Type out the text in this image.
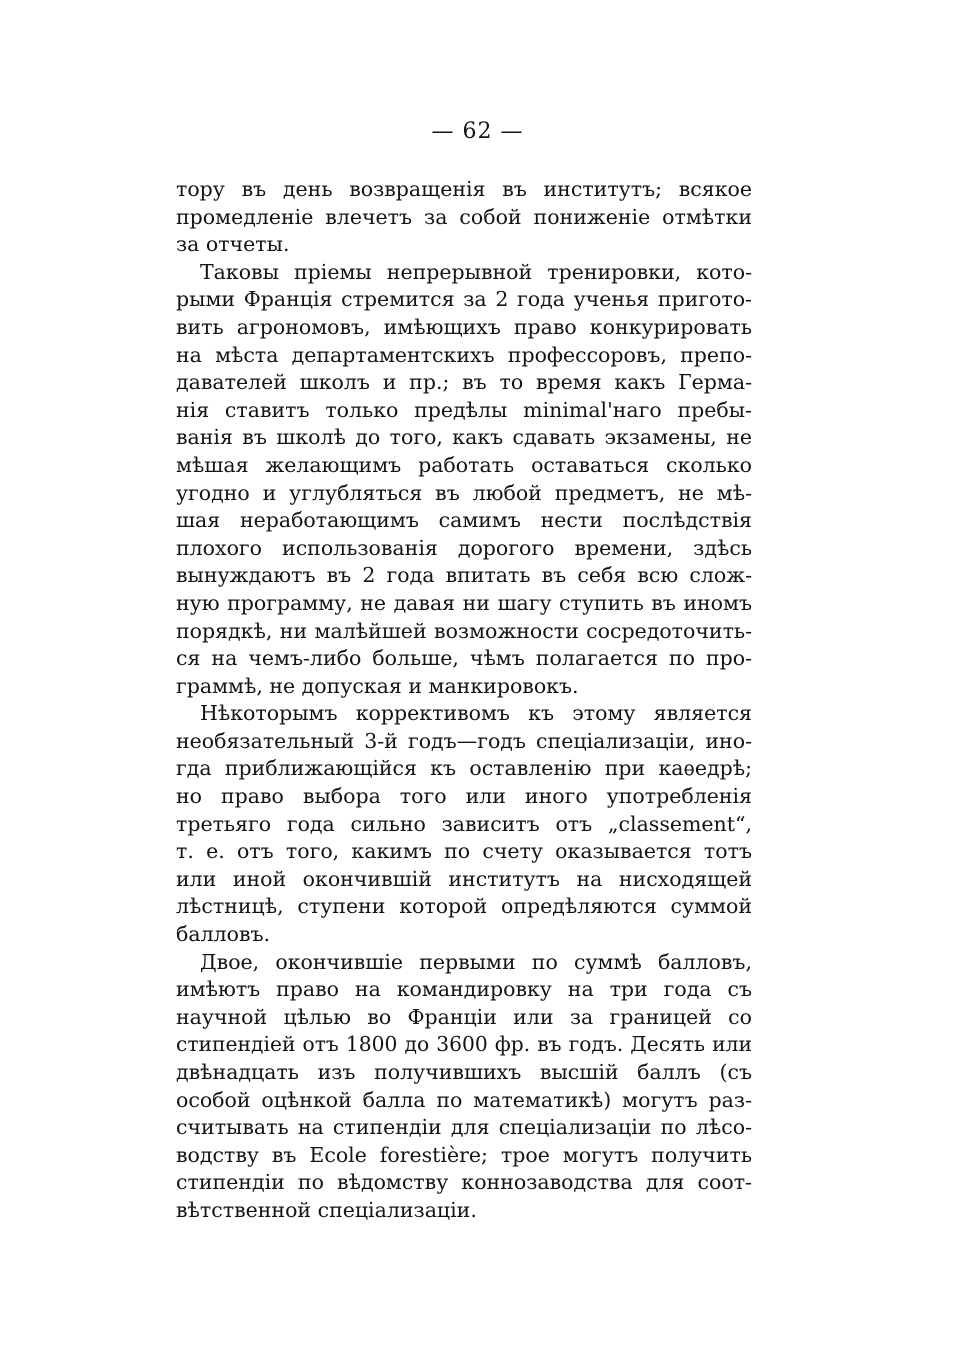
— 62 —
тору въ день возвращенія въ институтъ; всякое
промедленіе влечетъ за собой пониженіе отмѣтки
за отчеты.
Таковы пріемы непрерывной тренировки, кото-
рыми Франція стремится за 2 года ученья пригото-
вить агрономовъ, имѣющихъ право конкурировать
на мѣста департаментскихъ профессоровъ, препо-
давателей школъ и пр.; въ то время какъ Герма-
нія ставитъ только предѣлы minimal'наго пребы-
ванія въ школѣ до того, какъ сдавать экзамены, не
мѣшая желающимъ работать оставаться сколько
угодно и углубляться въ любой предметъ, не мѣ-
шая неработающимъ самимъ нести послѣдствія
плохого использованія дорогого времени, здѣсь
вынуждаютъ въ 2 года впитать въ себя всю слож-
ную программу, не давая ни шагу ступить въ иномъ
порядкѣ, ни малѣйшей возможности сосредоточить-
ся на чемъ-либо больше, чѣмъ полагается по про-
граммѣ, не допуская и манкировокъ.
Нѣкоторымъ коррективомъ къ этому является
необязательный 3-й годъ—годъ спеціализаціи, ино-
гда приближающійся къ оставленію при каѳедрѣ;
но право выбора того или иного употребленія
третьяго года сильно зависитъ отъ „classement“,
т. е. отъ того, какимъ по счету оказывается тотъ
или иной окончившій институтъ на нисходящей
лѣстницѣ, ступени которой опредѣляются суммой
балловъ.
Двое, окончившіе первыми по суммѣ балловъ,
имѣютъ право на командировку на три года съ
научной цѣлью во Франціи или за границей со
стипендіей отъ 1800 до 3600 фр. въ годъ. Десять или
двѣнадцать изъ получившихъ высшій баллъ (съ
особой оцѣнкой балла по математикѣ) могутъ раз-
считывать на стипендіи для спеціализаціи по лѣсо-
водству въ Ecole forestière; трое могутъ получить
стипендіи по вѣдомству коннозаводства для соот-
вѣтственной спеціализаціи.
